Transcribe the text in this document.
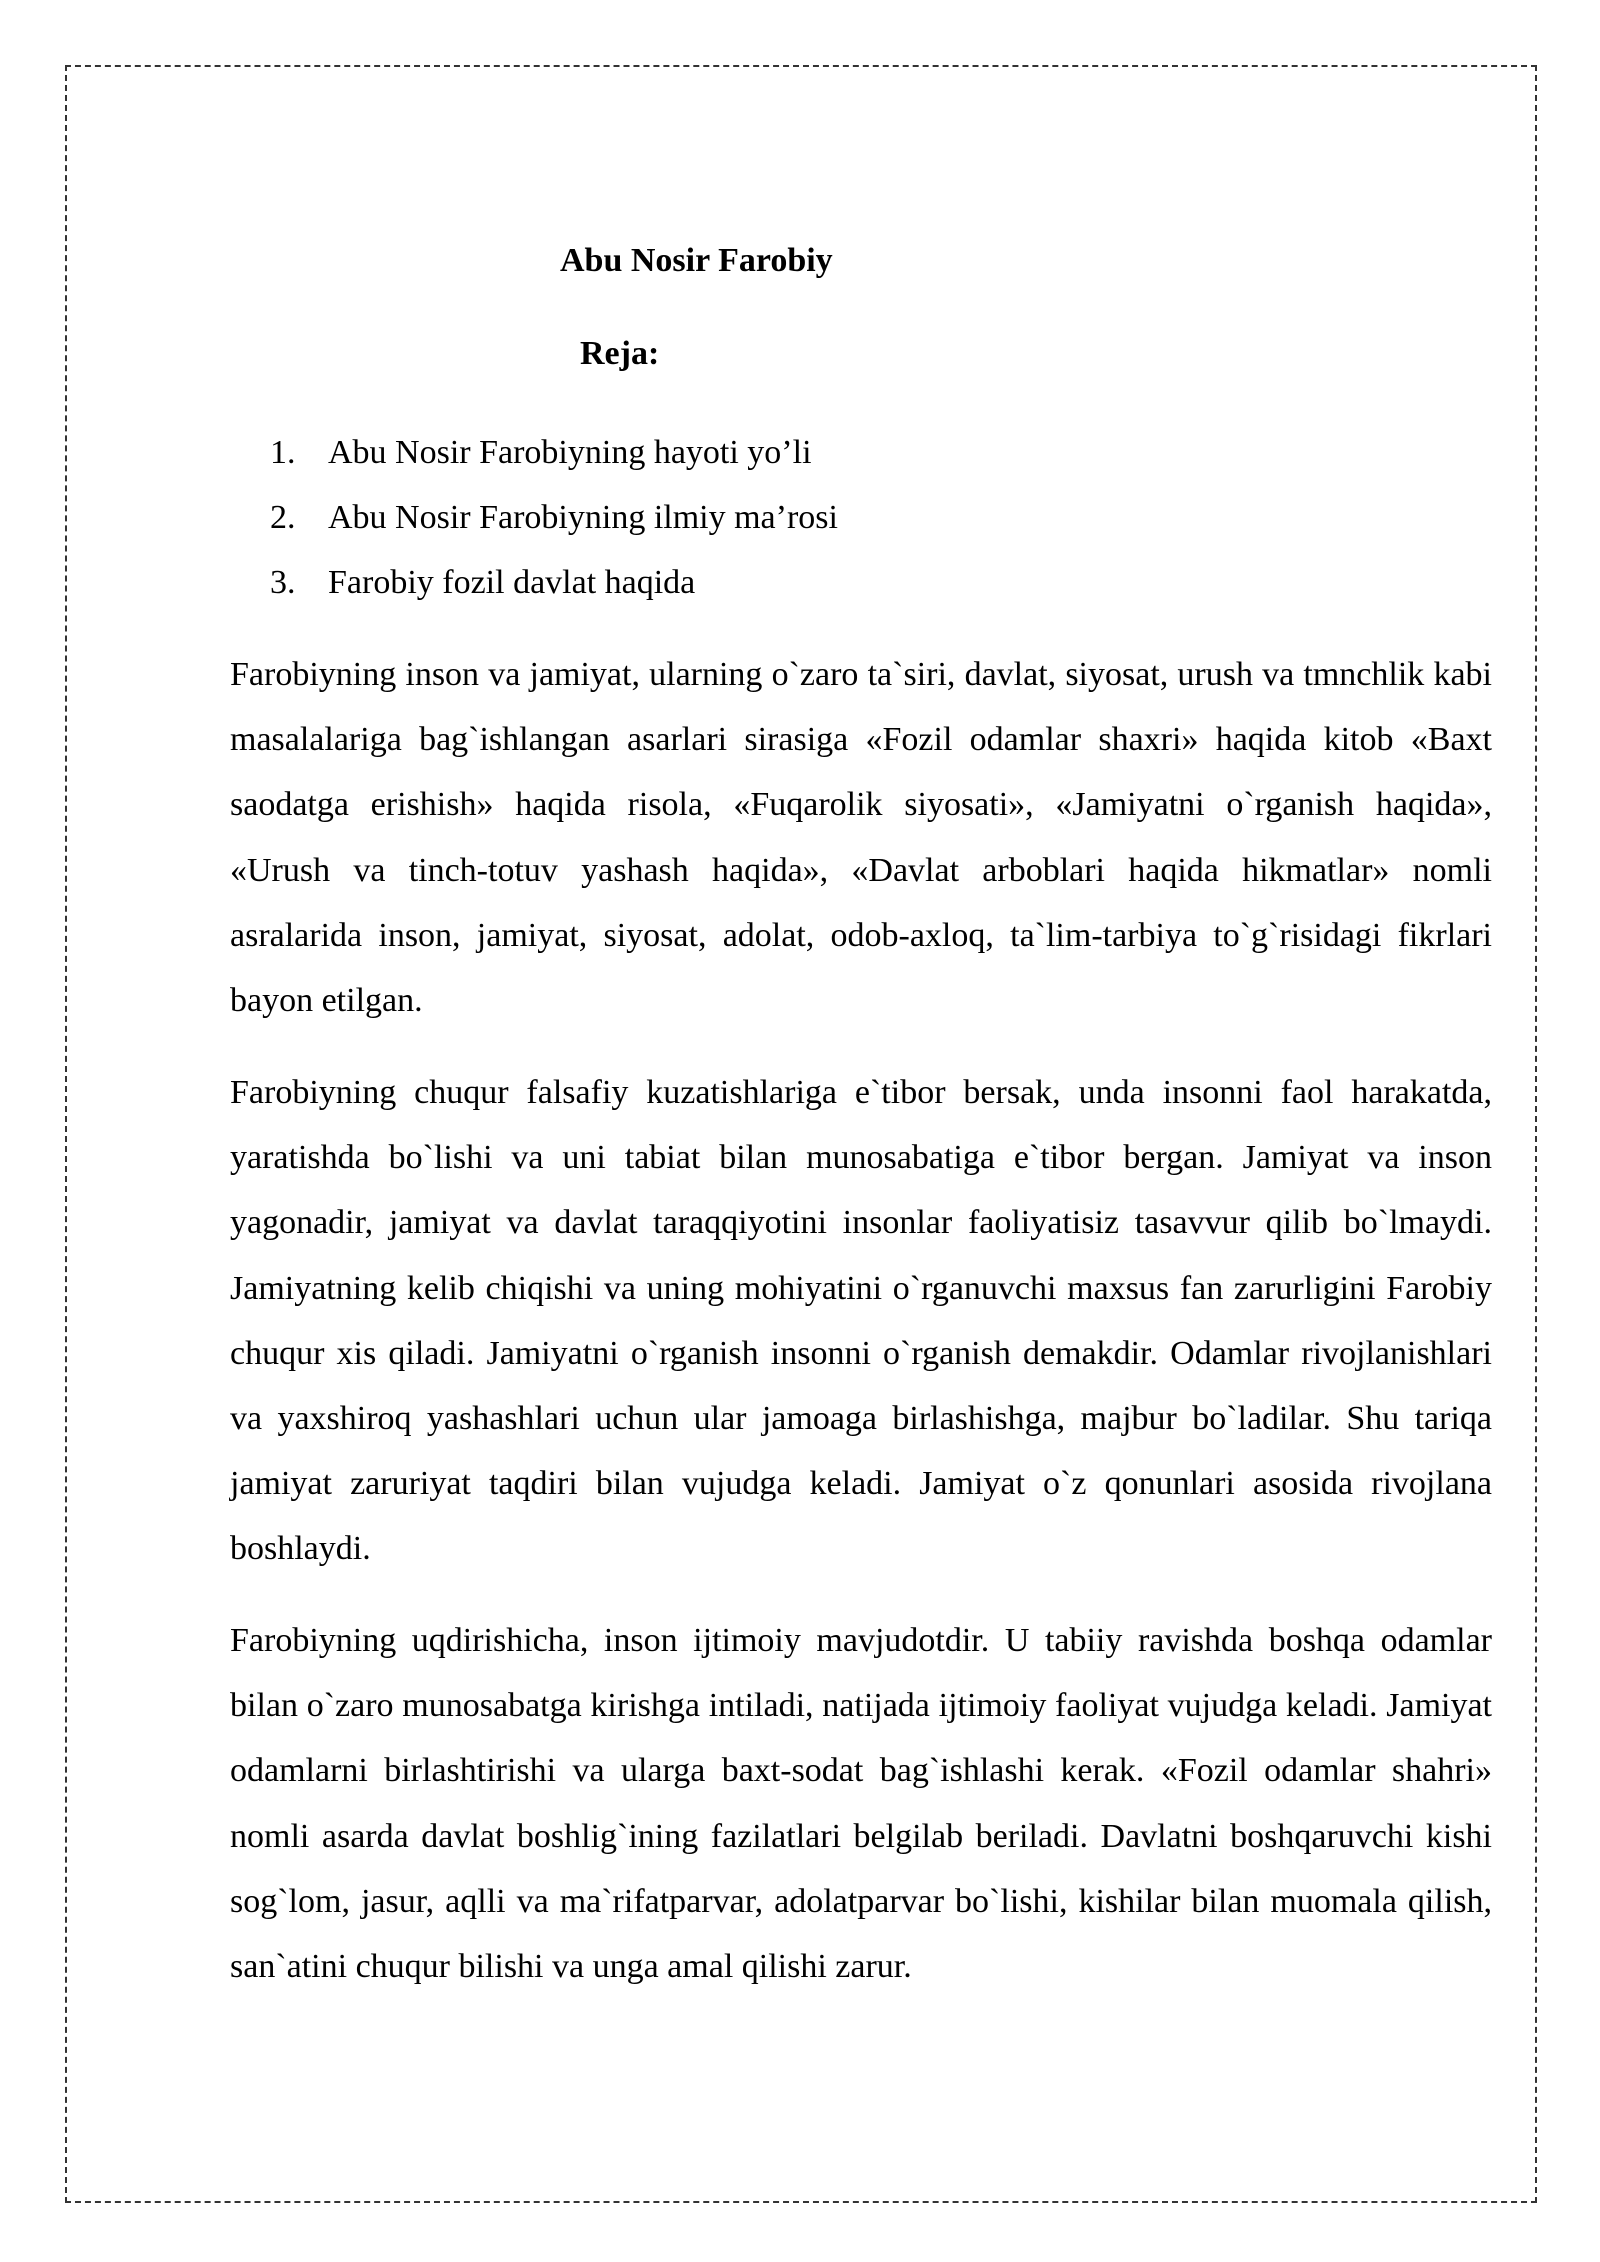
Abu Nosir Farobiy
Reja:
1. Abu Nosir Farobiyning hayoti yo’li
2. Abu Nosir Farobiyning ilmiy ma’rosi
3. Farobiy fozil davlat haqida

Farobiyning inson va jamiyat, ularning o`zaro ta`siri, davlat, siyosat, urush va tmnchlik kabi masalalariga bag`ishlangan asarlari sirasiga «Fozil odamlar shaxri» haqida kitob «Baxt saodatga erishish» haqida risola, «Fuqarolik siyosati», «Jamiyatni o`rganish haqida», «Urush va tinch-totuv yashash haqida», «Davlat arboblari haqida hikmatlar» nomli asralarida inson, jamiyat, siyosat, adolat, odob-axloq, ta`lim-tarbiya to`g`risidagi fikrlari bayon etilgan.

Farobiyning chuqur falsafiy kuzatishlariga e`tibor bersak, unda insonni faol harakatda, yaratishda bo`lishi va uni tabiat bilan munosabatiga e`tibor bergan. Jamiyat va inson yagonadir, jamiyat va davlat taraqqiyotini insonlar faoliyatisiz tasavvur qilib bo`lmaydi. Jamiyatning kelib chiqishi va uning mohiyatini o`rganuvchi maxsus fan zarurligini Farobiy chuqur xis qiladi. Jamiyatni o`rganish insonni o`rganish demakdir. Odamlar rivojlanishlari va yaxshiroq yashashlari uchun ular jamoaga birlashishga, majbur bo`ladilar. Shu tariqa jamiyat zaruriyat taqdiri bilan vujudga keladi. Jamiyat o`z qonunlari asosida rivojlana boshlaydi.

Farobiyning uqdirishicha, inson ijtimoiy mavjudotdir. U tabiiy ravishda boshqa odamlar bilan o`zaro munosabatga kirishga intiladi, natijada ijtimoiy faoliyat vujudga keladi. Jamiyat odamlarni birlashtirishi va ularga baxt-sodat bag`ishlashi kerak. «Fozil odamlar shahri» nomli asarda davlat boshlig`ining fazilatlari belgilab beriladi. Davlatni boshqaruvchi kishi sog`lom, jasur, aqlli va ma`rifatparvar, adolatparvar bo`lishi, kishilar bilan muomala qilish, san`atini chuqur bilishi va unga amal qilishi zarur.
